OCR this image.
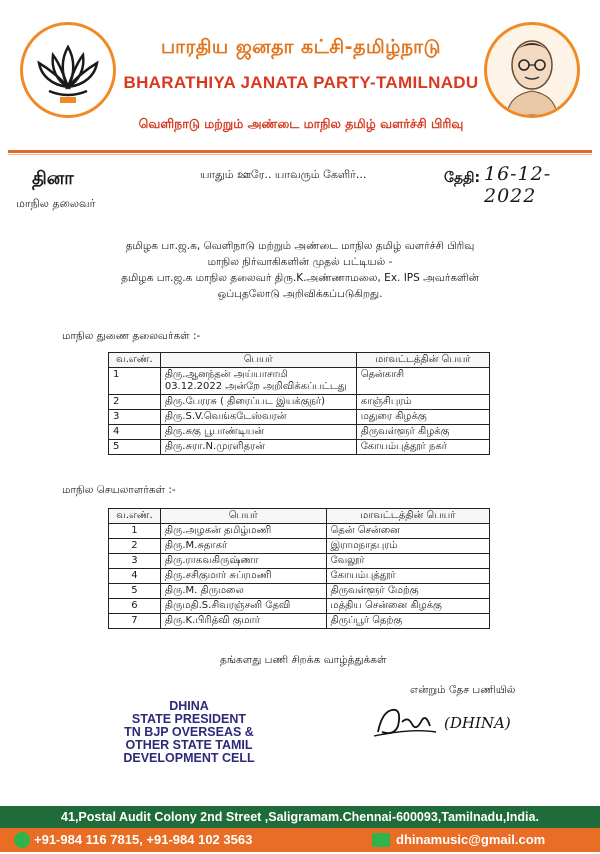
பாரதிய ஜனதா கட்சி-தமிழ்நாடு
BHARATHIYA JANATA PARTY-TAMILNADU
வெளிநாடு மற்றும் அண்டை மாநில தமிழ் வளர்ச்சி பிரிவு
தினா
மாநில தலைவர்
யாதும் ஊரே.. யாவரும் கேளிர்...	தேதி: 16-12-2022
தமிழக பா.ஜ.க, வெளிநாடு மற்றும் அண்டை மாநில தமிழ் வளர்ச்சி பிரிவு
மாநில நிர்வாகிகளின் முதல் பட்டியல் -
தமிழக பா.ஜ.க மாநில தலைவர் திரு.K.அண்ணாமலை, Ex. IPS அவர்களின்
ஒப்புதலோடு அறிவிக்கப்படுகிறது.
மாநில துணை தலைவர்கள் :-
வ.எண்.	பெயர்	மாவட்டத்தின் பெயர்
1	திரு.ஆனந்தன் அய்யாசாமி
03.12.2022 அன்றே அறிவிக்கப்பட்டது	தென்காசி
2	திரு.பேரரசு ( திரைப்பட இயக்குநர்)	காஞ்சிபுரம்
3	திரு.S.V.வெங்கடேஸ்வரன்	மதுரை கிழக்கு
4	திரு.சுகு பூபாண்டியன்	திருவள்ளூர் கிழக்கு
5	திரு.சுரா.N.முரளிதரன்	கோயம்புத்தூர் நகர்
மாநில செயலாளர்கள் :-
வ.எண்.	பெயர்	மாவட்டத்தின் பெயர்
1	திரு.அழகன் தமிழ்மணி	தென் சென்னை
2	திரு.M.சுதாகர்	இராமநாதபுரம்
3	திரு.ராகவகிருஷ்ணா	வேலூர்
4	திரு.சசிகுமார் சுப்ரமணி	கோயம்புத்தூர்
5	திரு.M. திருமலை	திருவள்ளூர் மேற்கு
6	திருமதி.S.சிவரஞ்சனி தேவி	மத்திய சென்னை கிழக்கு
7	திரு.K.பிரித்வி குமார்	திருப்பூர் தெற்கு
தங்களது பணி சிறக்க வாழ்த்துக்கள்
என்றும் தேச பணியில்
DHINA
STATE PRESIDENT
TN BJP OVERSEAS &
OTHER STATE TAMIL
DEVELOPMENT CELL
(DHINA)
41,Postal Audit Colony 2nd Street ,Saligramam.Chennai-600093,Tamilnadu,India.
+91-984 116 7815, +91-984 102 3563	dhinamusic@gmail.com
